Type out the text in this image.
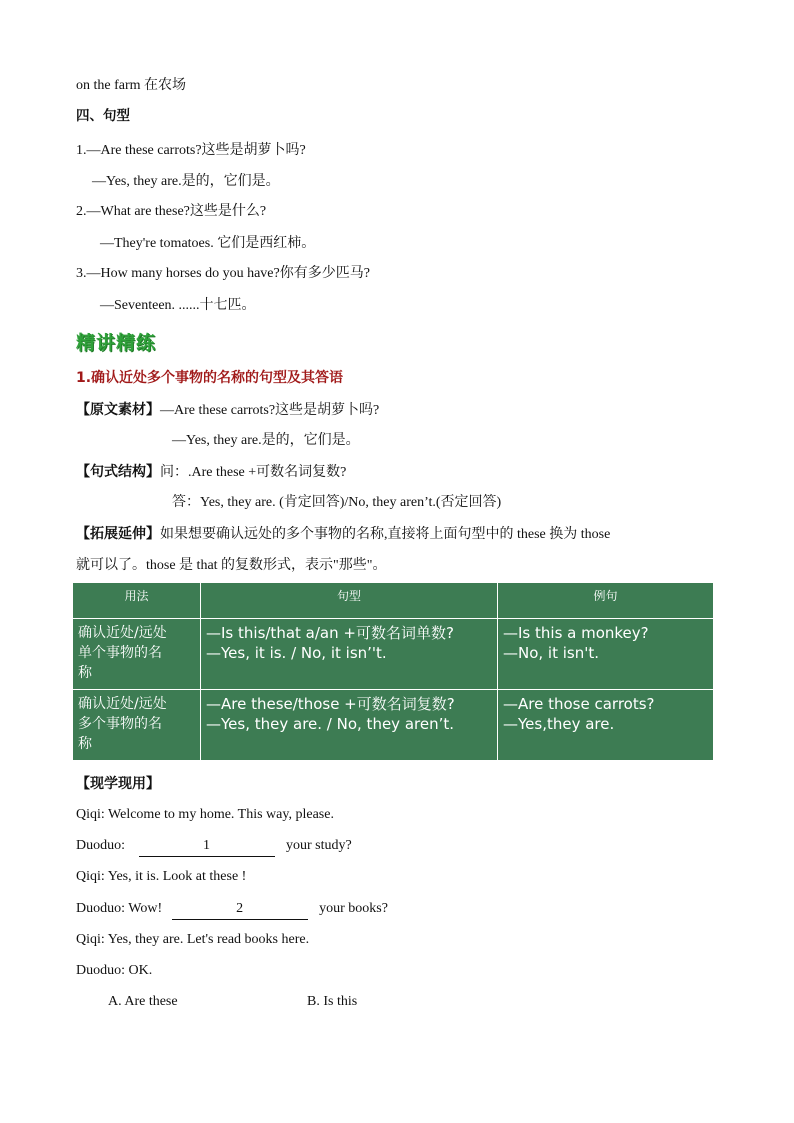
on the farm 在农场
四、句型
1.—Are these carrots?这些是胡萝卜吗?
—Yes, they are.是的，它们是。
2.—What are these?这些是什么?
—They're tomatoes. 它们是西红柿。
3.—How many horses do you have?你有多少匹马?
—Seventeen. ......十七匹。
精讲精练
1.确认近处多个事物的名称的句型及其答语
【原文素材】—Are these carrots?这些是胡萝卜吗?
—Yes, they are.是的，它们是。
【句式结构】问：.Are these +可数名词复数?
答：Yes, they are. (肯定回答)/No, they aren’t.(否定回答)
【拓展延伸】如果想要确认远处的多个事物的名称,直接将上面句型中的 these 换为 those
就可以了。those 是 that 的复数形式，表示"那些"。
用法	句型	例句

确认近处/远处
单个事物的名
称	—Is this/that a/an +可数名词单数?
—Yes, it is. / No, it isn’'t.	—Is this a monkey?
—No, it isn't.

确认近处/远处
多个事物的名
称	—Are these/those +可数名词复数?
—Yes, they are. / No, they aren’t.	—Are those carrots?
—Yes,they are.
【现学现用】
Qiqi: Welcome to my home. This way, please.
Duoduo:	1	your study?
Qiqi: Yes, it is. Look at these !
Duoduo: Wow!	2	your books?
Qiqi: Yes, they are. Let's read books here.
Duoduo: OK.
A. Are these	B. Is this
